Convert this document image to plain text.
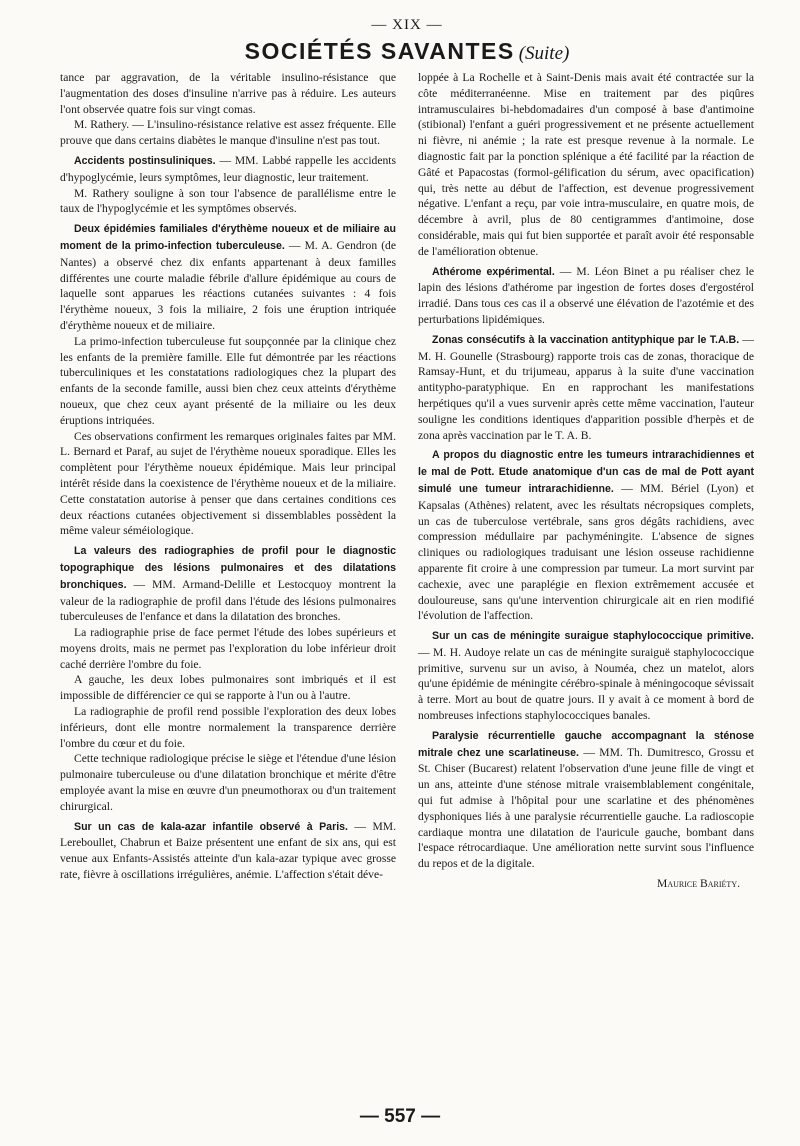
— XIX —
SOCIÉTÉS SAVANTES (Suite)

tance par aggravation, de la véritable insulino-résistance que l'augmentation des doses d'insuline n'arrive pas à réduire. Les auteurs l'ont observée quatre fois sur vingt comas.

M. Rathery. — L'insulino-résistance relative est assez fréquente. Elle prouve que dans certains diabètes le manque d'insuline n'est pas tout.

Accidents postinsuliniques. — MM. Labbé rappelle les accidents d'hypoglycémie, leurs symptômes, leur diagnostic, leur traitement.

M. Rathery souligne à son tour l'absence de parallélisme entre le taux de l'hypoglycémie et les symptômes observés.

Deux épidémies familiales d'érythème noueux et de miliaire au moment de la primo-infection tuberculeuse. — M. A. Gendron (de Nantes) a observé chez dix enfants appartenant à deux familles différentes une courte maladie fébrile d'allure épidémique au cours de laquelle sont apparues les réactions cutanées suivantes : 4 fois l'érythème noueux, 3 fois la miliaire, 2 fois une éruption intriquée d'érythème noueux et de miliaire.

La primo-infection tuberculeuse fut soupçonnée par la clinique chez les enfants de la première famille. Elle fut démontrée par les réactions tuberculiniques et les constatations radiologiques chez la plupart des enfants de la seconde famille, aussi bien chez ceux atteints d'érythème noueux, que chez ceux ayant présenté de la miliaire ou les deux éruptions intriquées.

Ces observations confirment les remarques originales faites par MM. L. Bernard et Paraf, au sujet de l'érythème noueux sporadique. Elles les complètent pour l'érythème noueux épidémique. Mais leur principal intérêt réside dans la coexistence de l'érythème noueux et de la miliaire. Cette constatation autorise à penser que dans certaines conditions ces deux réactions cutanées objectivement si dissemblables possèdent la même valeur séméiologique.

La valeurs des radiographies de profil pour le diagnostic topographique des lésions pulmonaires et des dilatations bronchiques. — MM. Armand-Delille et Lestocquoy montrent la valeur de la radiographie de profil dans l'étude des lésions pulmonaires tuberculeuses de l'enfance et dans la dilatation des bronches.

La radiographie prise de face permet l'étude des lobes supérieurs et moyens droits, mais ne permet pas l'exploration du lobe inférieur droit caché derrière l'ombre du foie.

A gauche, les deux lobes pulmonaires sont imbriqués et il est impossible de différencier ce qui se rapporte à l'un ou à l'autre.

La radiographie de profil rend possible l'exploration des deux lobes inférieurs, dont elle montre normalement la transparence derrière l'ombre du cœur et du foie.

Cette technique radiologique précise le siège et l'étendue d'une lésion pulmonaire tuberculeuse ou d'une dilatation bronchique et mérite d'être employée avant la mise en œuvre d'un pneumothorax ou d'un traitement chirurgical.

Sur un cas de kala-azar infantile observé à Paris. — MM. Lereboullet, Chabrun et Baize présentent une enfant de six ans, qui est venue aux Enfants-Assistés atteinte d'un kala-azar typique avec grosse rate, fièvre à oscillations irrégulières, anémie. L'affection s'était déve-

loppée à La Rochelle et à Saint-Denis mais avait été contractée sur la côte méditerranéenne. Mise en traitement par des piqûres intramusculaires bi-hebdomadaires d'un composé à base d'antimoine (stibional) l'enfant a guéri progressivement et ne présente actuellement ni fièvre, ni anémie ; la rate est presque revenue à la normale. Le diagnostic fait par la ponction splénique a été facilité par la réaction de Gâté et Papacostas (formol-gélification du sérum, avec opacification) qui, très nette au début de l'affection, est devenue progressivement négative. L'enfant a reçu, par voie intra-musculaire, en quatre mois, de décembre à avril, plus de 80 centigrammes d'antimoine, dose considérable, mais qui fut bien supportée et paraît avoir été responsable de l'amélioration obtenue.

Athérome expérimental. — M. Léon Binet a pu réaliser chez le lapin des lésions d'athérome par ingestion de fortes doses d'ergostérol irradié. Dans tous ces cas il a observé une élévation de l'azotémie et des perturbations lipidémiques.

Zonas consécutifs à la vaccination antityphique par le T.A.B. — M. H. Gounelle (Strasbourg) rapporte trois cas de zonas, thoracique de Ramsay-Hunt, et du trijumeau, apparus à la suite d'une vaccination antitypho-paratyphique. En en rapprochant les manifestations herpétiques qu'il a vues survenir après cette même vaccination, l'auteur souligne les conditions identiques d'apparition possible d'herpès et de zona après vaccination par le T. A. B.

A propos du diagnostic entre les tumeurs intrarachidiennes et le mal de Pott. Etude anatomique d'un cas de mal de Pott ayant simulé une tumeur intrarachidienne. — MM. Bériel (Lyon) et Kapsalas (Athènes) relatent, avec les résultats nécropsiques complets, un cas de tuberculose vertébrale, sans gros dégâts rachidiens, avec compression médullaire par pachyméningite. L'absence de signes cliniques ou radiologiques traduisant une lésion osseuse rachidienne apparente fit croire à une compression par tumeur. La mort survint par cachexie, avec une paraplégie en flexion extrêmement accusée et douloureuse, sans qu'une intervention chirurgicale ait en rien modifié l'évolution de l'affection.

Sur un cas de méningite suraigue staphylococcique primitive. — M. H. Audoye relate un cas de méningite suraiguë staphylococcique primitive, survenu sur un aviso, à Nouméa, chez un matelot, alors qu'une épidémie de méningite cérébro-spinale à méningocoque sévissait à terre. Mort au bout de quatre jours. Il y avait à ce moment à bord de nombreuses infections staphylococciques banales.

Paralysie récurrentielle gauche accompagnant la sténose mitrale chez une scarlatineuse. — MM. Th. Dumitresco, Grossu et St. Chiser (Bucarest) relatent l'observation d'une jeune fille de vingt et un ans, atteinte d'une sténose mitrale vraisemblablement congénitale, qui fut admise à l'hôpital pour une scarlatine et des phénomènes dysphoniques liés à une paralysie récurrentielle gauche. La radioscopie cardiaque montra une dilatation de l'auricule gauche, bombant dans l'espace rétrocardiaque. Une amélioration nette survint sous l'influence du repos et de la digitale.

Maurice Bariéty.
— 557 —
